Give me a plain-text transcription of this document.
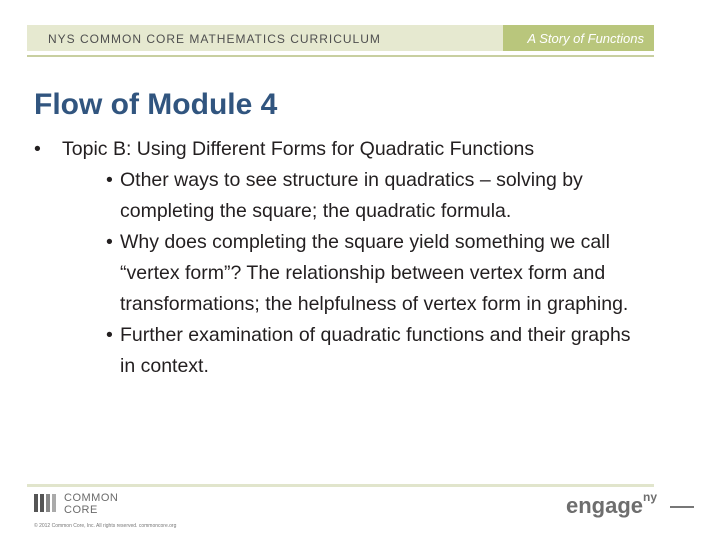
NYS COMMON CORE MATHEMATICS CURRICULUM	A Story of Functions
Flow of Module 4
• Topic B: Using Different Forms for Quadratic Functions
• Other ways to see structure in quadratics – solving by
completing the square; the quadratic formula.
• Why does completing the square yield something we call
“vertex form”? The relationship between vertex form and
transformations; the helpfulness of vertex form in graphing.
• Further examination of quadratic functions and their graphs
in context.
COMMON
CORE
© 2012 Common Core, Inc. All rights reserved. commoncore.org
engage$^{ny}$
